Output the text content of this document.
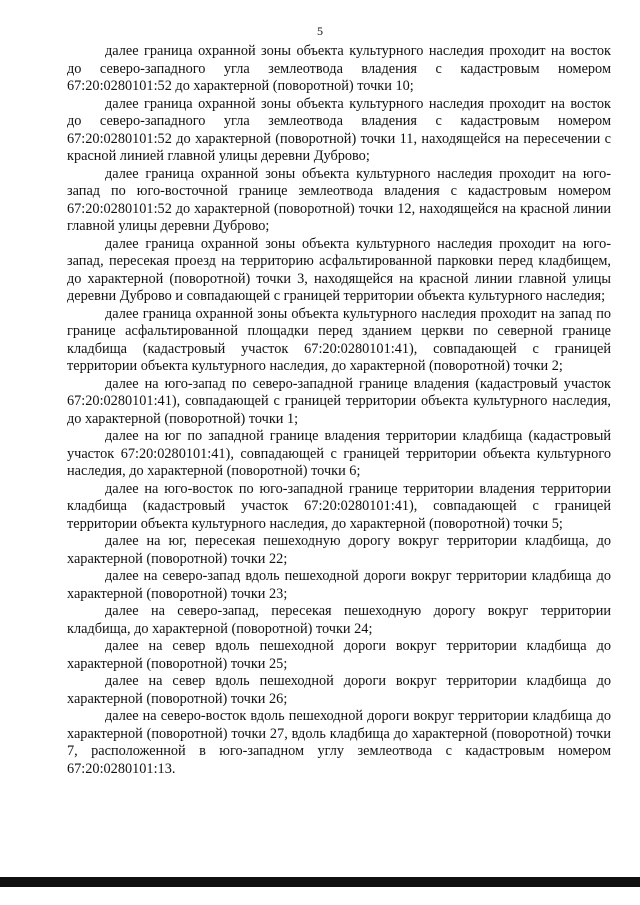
5

далее граница охранной зоны объекта культурного наследия проходит на восток до северо-западного угла землеотвода владения с кадастровым номером 67:20:0280101:52 до характерной (поворотной) точки 10;

далее граница охранной зоны объекта культурного наследия проходит на восток до северо-западного угла землеотвода владения с кадастровым номером 67:20:0280101:52 до характерной (поворотной) точки 11, находящейся на пересечении с красной линией главной улицы деревни Дуброво;

далее граница охранной зоны объекта культурного наследия проходит на юго-запад по юго-восточной границе землеотвода владения с кадастровым номером 67:20:0280101:52 до характерной (поворотной) точки 12, находящейся на красной линии главной улицы деревни Дуброво;

далее граница охранной зоны объекта культурного наследия проходит на юго-запад, пересекая проезд на территорию асфальтированной парковки перед кладбищем, до характерной (поворотной) точки 3, находящейся на красной линии главной улицы деревни Дуброво и совпадающей с границей территории объекта культурного наследия;

далее граница охранной зоны объекта культурного наследия проходит на запад по границе асфальтированной площадки перед зданием церкви по северной границе кладбища (кадастровый участок 67:20:0280101:41), совпадающей с границей территории объекта культурного наследия, до характерной (поворотной) точки 2;

далее на юго-запад по северо-западной границе владения (кадастровый участок 67:20:0280101:41), совпадающей с границей территории объекта культурного наследия, до характерной (поворотной) точки 1;

далее на юг по западной границе владения территории кладбища (кадастровый участок 67:20:0280101:41), совпадающей с границей территории объекта культурного наследия, до характерной (поворотной) точки 6;

далее на юго-восток по юго-западной границе территории владения территории кладбища (кадастровый участок 67:20:0280101:41), совпадающей с границей территории объекта культурного наследия, до характерной (поворотной) точки 5;

далее на юг, пересекая пешеходную дорогу вокруг территории кладбища, до характерной (поворотной) точки 22;

далее на северо-запад вдоль пешеходной дороги вокруг территории кладбища до характерной (поворотной) точки 23;

далее на северо-запад, пересекая пешеходную дорогу вокруг территории кладбища, до характерной (поворотной) точки 24;

далее на север вдоль пешеходной дороги вокруг территории кладбища до характерной (поворотной) точки 25;

далее на север вдоль пешеходной дороги вокруг территории кладбища до характерной (поворотной) точки 26;

далее на северо-восток вдоль пешеходной дороги вокруг территории кладбища до характерной (поворотной) точки 27, вдоль кладбища до характерной (поворотной) точки 7, расположенной в юго-западном углу землеотвода с кадастровым номером 67:20:0280101:13.
